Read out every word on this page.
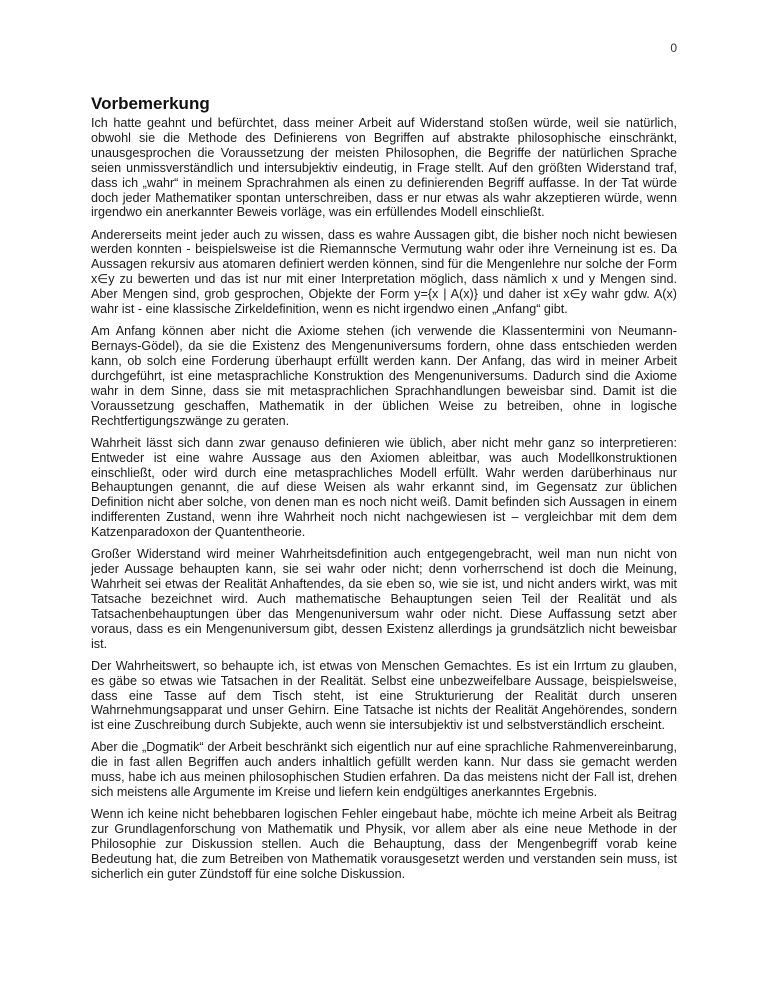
0
Vorbemerkung

Ich hatte geahnt und befürchtet, dass meiner Arbeit auf Widerstand stoßen würde, weil sie natürlich, obwohl sie die Methode des Definierens von Begriffen auf abstrakte philosophische einschränkt, unausgesprochen die Voraussetzung der meisten Philosophen, die Begriffe der natürlichen Sprache seien unmissverständlich und intersubjektiv eindeutig, in Frage stellt. Auf den größten Widerstand traf, dass ich „wahr“ in meinem Sprachrahmen als einen zu definierenden Begriff auffasse. In der Tat würde doch jeder Mathematiker spontan unterschreiben, dass er nur etwas als wahr akzeptieren würde, wenn irgendwo ein anerkannter Beweis vorläge, was ein erfüllendes Modell einschließt.

Andererseits meint jeder auch zu wissen, dass es wahre Aussagen gibt, die bisher noch nicht bewiesen werden konnten - beispielsweise ist die Riemannsche Vermutung wahr oder ihre Verneinung ist es. Da Aussagen rekursiv aus atomaren definiert werden können, sind für die Mengenlehre nur solche der Form x∈y zu bewerten und das ist nur mit einer Interpretation möglich, dass nämlich x und y Mengen sind. Aber Mengen sind, grob gesprochen, Objekte der Form y={x | A(x)} und daher ist x∈y wahr gdw. A(x) wahr ist - eine klassische Zirkeldefinition, wenn es nicht irgendwo einen „Anfang“ gibt.

Am Anfang können aber nicht die Axiome stehen (ich verwende die Klassentermini von Neumann-Bernays-Gödel), da sie die Existenz des Mengenuniversums fordern, ohne dass entschieden werden kann, ob solch eine Forderung überhaupt erfüllt werden kann. Der Anfang, das wird in meiner Arbeit durchgeführt, ist eine metasprachliche Konstruktion des Mengenuniversums. Dadurch sind die Axiome wahr in dem Sinne, dass sie mit metasprachlichen Sprachhandlungen beweisbar sind. Damit ist die Voraussetzung geschaffen, Mathematik in der üblichen Weise zu betreiben, ohne in logische Rechtfertigungszwänge zu geraten.

Wahrheit lässt sich dann zwar genauso definieren wie üblich, aber nicht mehr ganz so interpretieren: Entweder ist eine wahre Aussage aus den Axiomen ableitbar, was auch Modellkonstruktionen einschließt, oder wird durch eine metasprachliches Modell erfüllt. Wahr werden darüberhinaus nur Behauptungen genannt, die auf diese Weisen als wahr erkannt sind, im Gegensatz zur üblichen Definition nicht aber solche, von denen man es noch nicht weiß. Damit befinden sich Aussagen in einem indifferenten Zustand, wenn ihre Wahrheit noch nicht nachgewiesen ist – vergleichbar mit dem dem Katzenparadoxon der Quantentheorie.

Großer Widerstand wird meiner Wahrheitsdefinition auch entgegengebracht, weil man nun nicht von jeder Aussage behaupten kann, sie sei wahr oder nicht; denn vorherrschend ist doch die Meinung, Wahrheit sei etwas der Realität Anhaftendes, da sie eben so, wie sie ist, und nicht anders wirkt, was mit Tatsache bezeichnet wird. Auch mathematische Behauptungen seien Teil der Realität und als Tatsachenbehauptungen über das Mengenuniversum wahr oder nicht. Diese Auffassung setzt aber voraus, dass es ein Mengenuniversum gibt, dessen Existenz allerdings ja grundsätzlich nicht beweisbar ist.

Der Wahrheitswert, so behaupte ich, ist etwas von Menschen Gemachtes. Es ist ein Irrtum zu glauben, es gäbe so etwas wie Tatsachen in der Realität. Selbst eine unbezweifelbare Aussage, beispielsweise, dass eine Tasse auf dem Tisch steht, ist eine Strukturierung der Realität durch unseren Wahrnehmungsapparat und unser Gehirn. Eine Tatsache ist nichts der Realität Angehörendes, sondern ist eine Zuschreibung durch Subjekte, auch wenn sie intersubjektiv ist und selbstverständlich erscheint.

Aber die „Dogmatik“ der Arbeit beschränkt sich eigentlich nur auf eine sprachliche Rahmenvereinbarung, die in fast allen Begriffen auch anders inhaltlich gefüllt werden kann. Nur dass sie gemacht werden muss, habe ich aus meinen philosophischen Studien erfahren. Da das meistens nicht der Fall ist, drehen sich meistens alle Argumente im Kreise und liefern kein endgültiges anerkanntes Ergebnis.

Wenn ich keine nicht behebbaren logischen Fehler eingebaut habe, möchte ich meine Arbeit als Beitrag zur Grundlagenforschung von Mathematik und Physik, vor allem aber als eine neue Methode in der Philosophie zur Diskussion stellen. Auch die Behauptung, dass der Mengenbegriff vorab keine Bedeutung hat, die zum Betreiben von Mathematik vorausgesetzt werden und verstanden sein muss, ist sicherlich ein guter Zündstoff für eine solche Diskussion.
